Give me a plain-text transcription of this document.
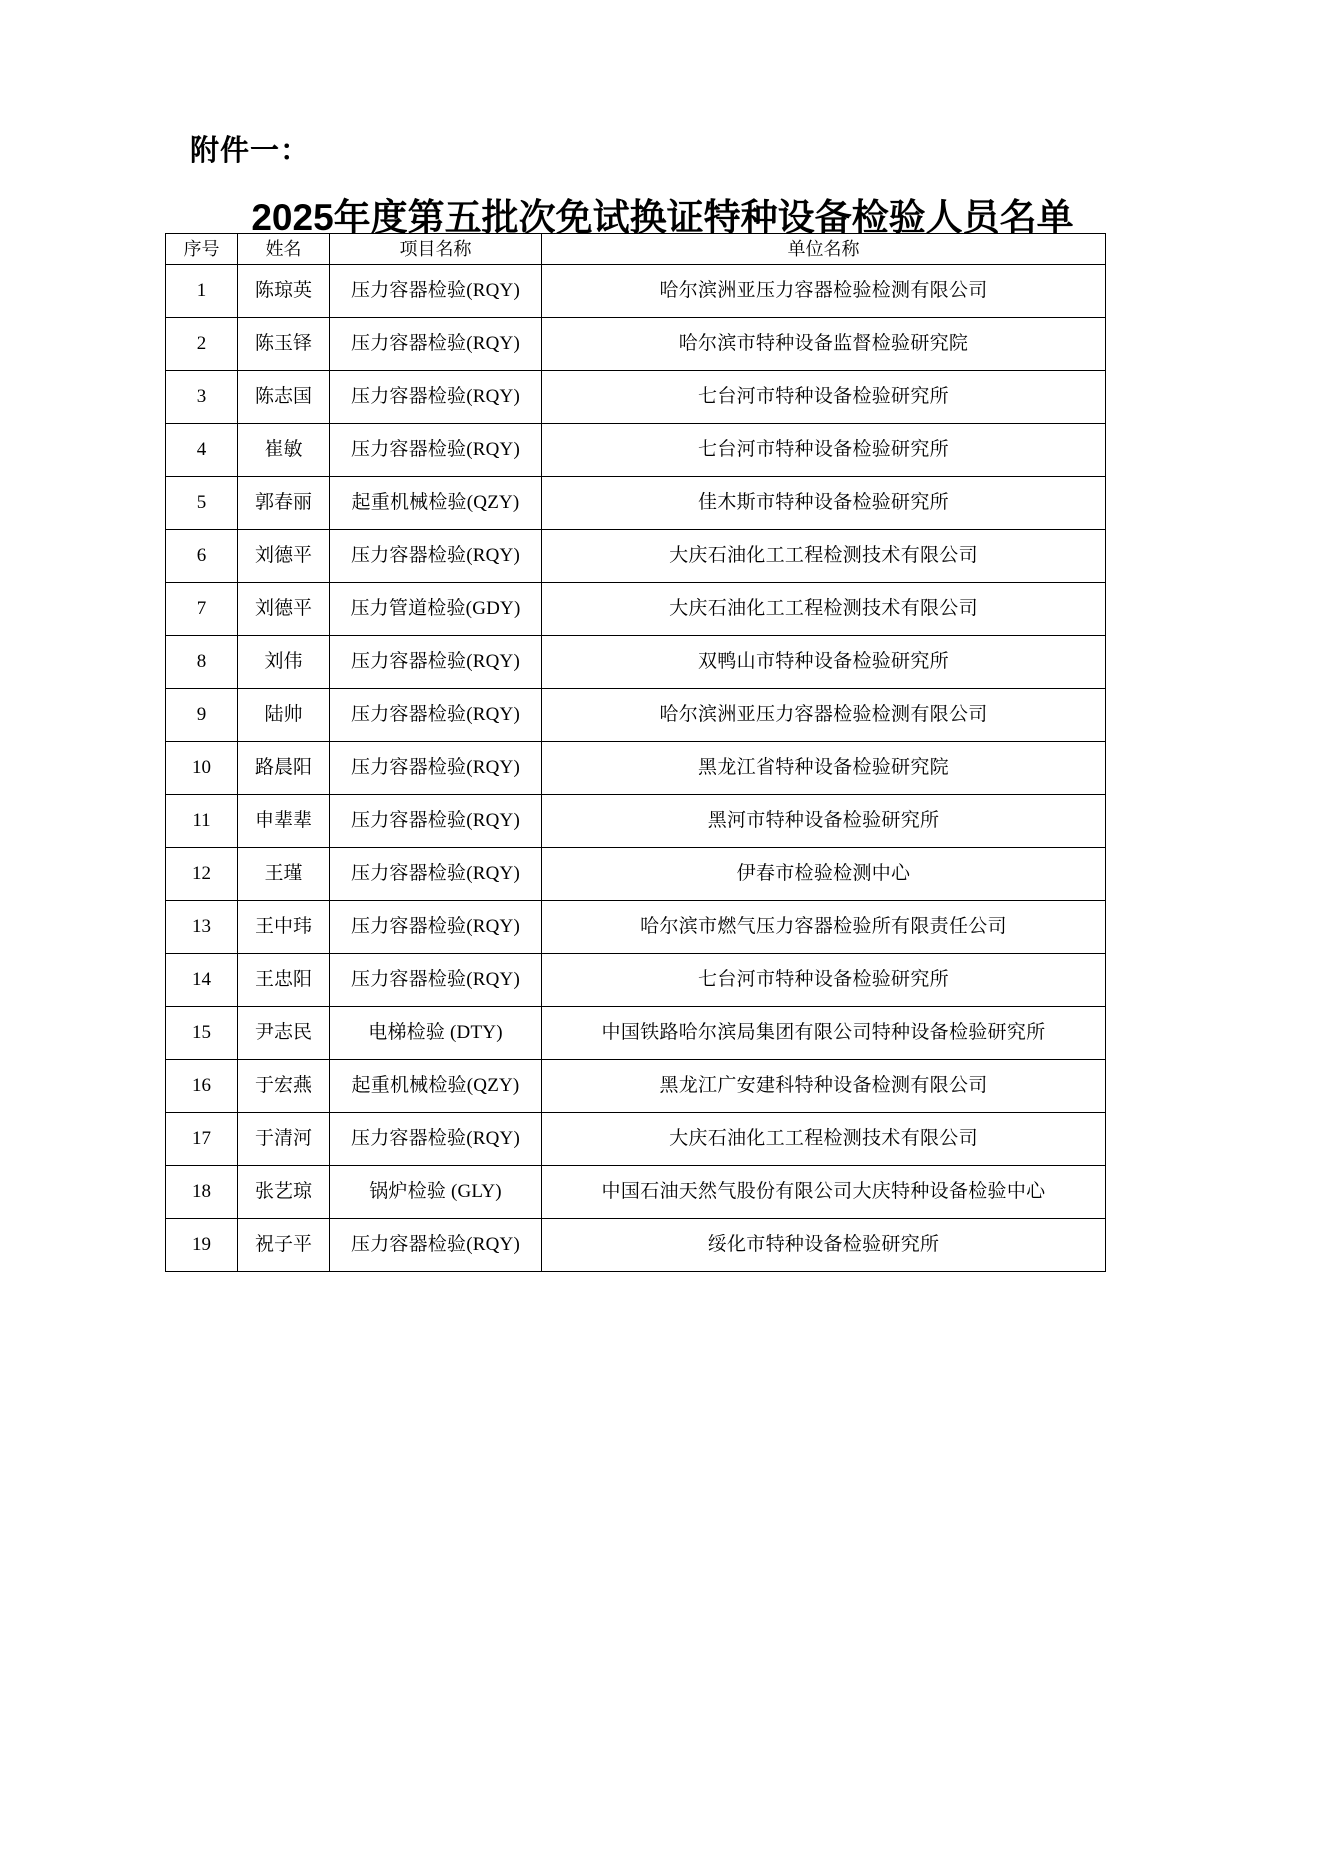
附件一：
2025年度第五批次免试换证特种设备检验人员名单
序号	姓名	项目名称	单位名称
1	陈琼英	压力容器检验(RQY)	哈尔滨洲亚压力容器检验检测有限公司
2	陈玉铎	压力容器检验(RQY)	哈尔滨市特种设备监督检验研究院
3	陈志国	压力容器检验(RQY)	七台河市特种设备检验研究所
4	崔敏	压力容器检验(RQY)	七台河市特种设备检验研究所
5	郭春丽	起重机械检验(QZY)	佳木斯市特种设备检验研究所
6	刘德平	压力容器检验(RQY)	大庆石油化工工程检测技术有限公司
7	刘德平	压力管道检验(GDY)	大庆石油化工工程检测技术有限公司
8	刘伟	压力容器检验(RQY)	双鸭山市特种设备检验研究所
9	陆帅	压力容器检验(RQY)	哈尔滨洲亚压力容器检验检测有限公司
10	路晨阳	压力容器检验(RQY)	黑龙江省特种设备检验研究院
11	申辈辈	压力容器检验(RQY)	黑河市特种设备检验研究所
12	王瑾	压力容器检验(RQY)	伊春市检验检测中心
13	王中玮	压力容器检验(RQY)	哈尔滨市燃气压力容器检验所有限责任公司
14	王忠阳	压力容器检验(RQY)	七台河市特种设备检验研究所
15	尹志民	电梯检验 (DTY)	中国铁路哈尔滨局集团有限公司特种设备检验研究所
16	于宏燕	起重机械检验(QZY)	黑龙江广安建科特种设备检测有限公司
17	于清河	压力容器检验(RQY)	大庆石油化工工程检测技术有限公司
18	张艺琼	锅炉检验 (GLY)	中国石油天然气股份有限公司大庆特种设备检验中心
19	祝子平	压力容器检验(RQY)	绥化市特种设备检验研究所
